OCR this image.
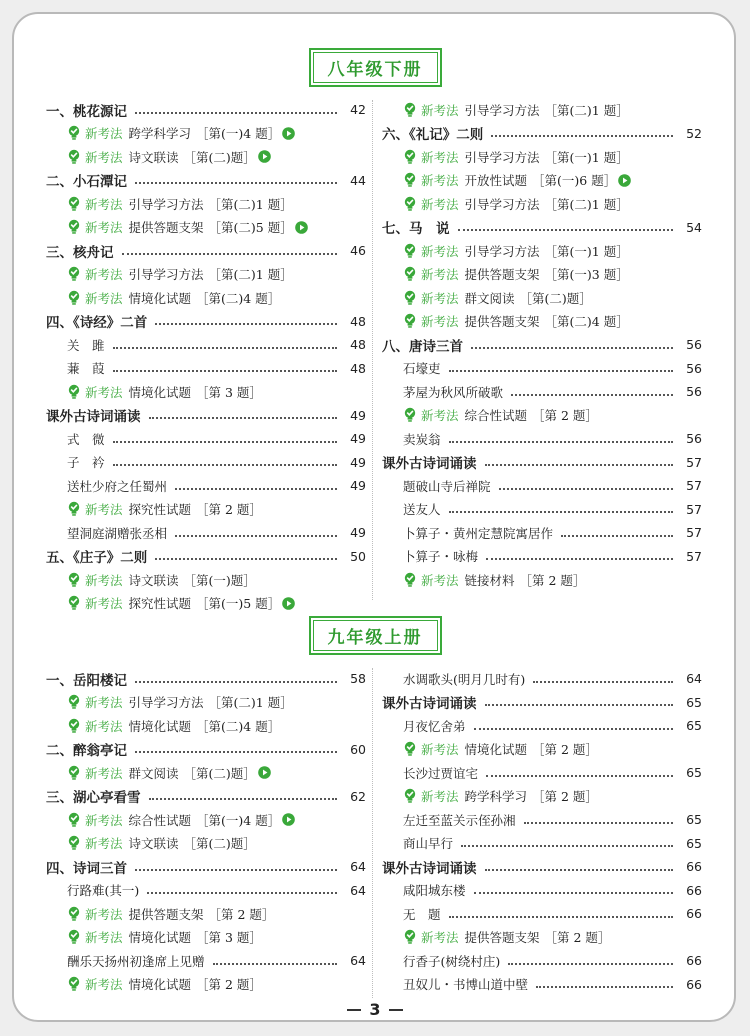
八年级下册
一、桃花源记	42
新考法 跨学科学习 ［第(一)4 题］
新考法 诗文联读 ［第(二)题］
二、小石潭记	44
新考法 引导学习方法 ［第(二)1 题］
新考法 提供答题支架 ［第(二)5 题］
三、核舟记	46
新考法 引导学习方法 ［第(二)1 题］
新考法 情境化试题 ［第(二)4 题］
四、《诗经》二首	48
关　雎	48
蒹　葭	48
新考法 情境化试题 ［第 3 题］
课外古诗词诵读	49
式　微	49
子　衿	49
送杜少府之任蜀州	49
新考法 探究性试题 ［第 2 题］
望洞庭湖赠张丞相	49
五、《庄子》二则	50
新考法 诗文联读 ［第(一)题］
新考法 探究性试题 ［第(一)5 题］
新考法 引导学习方法 ［第(二)1 题］
六、《礼记》二则	52
新考法 引导学习方法 ［第(一)1 题］
新考法 开放性试题 ［第(一)6 题］
新考法 引导学习方法 ［第(二)1 题］
七、马　说	54
新考法 引导学习方法 ［第(一)1 题］
新考法 提供答题支架 ［第(一)3 题］
新考法 群文阅读 ［第(二)题］
新考法 提供答题支架 ［第(二)4 题］
八、唐诗三首	56
石壕吏	56
茅屋为秋风所破歌	56
新考法 综合性试题 ［第 2 题］
卖炭翁	56
课外古诗词诵读	57
题破山寺后禅院	57
送友人	57
卜算子・黄州定慧院寓居作	57
卜算子・咏梅	57
新考法 链接材料 ［第 2 题］
九年级上册
一、岳阳楼记	58
新考法 引导学习方法 ［第(二)1 题］
新考法 情境化试题 ［第(二)4 题］
二、醉翁亭记	60
新考法 群文阅读 ［第(二)题］
三、湖心亭看雪	62
新考法 综合性试题 ［第(一)4 题］
新考法 诗文联读 ［第(二)题］
四、诗词三首	64
行路难(其一)	64
新考法 提供答题支架 ［第 2 题］
新考法 情境化试题 ［第 3 题］
酬乐天扬州初逢席上见赠	64
新考法 情境化试题 ［第 2 题］
水调歌头(明月几时有)	64
课外古诗词诵读	65
月夜忆舍弟	65
新考法 情境化试题 ［第 2 题］
长沙过贾谊宅	65
新考法 跨学科学习 ［第 2 题］
左迁至蓝关示侄孙湘	65
商山早行	65
课外古诗词诵读	66
咸阳城东楼	66
无　题	66
新考法 提供答题支架 ［第 2 题］
行香子(树绕村庄)	66
丑奴儿・书博山道中壁	66
3
